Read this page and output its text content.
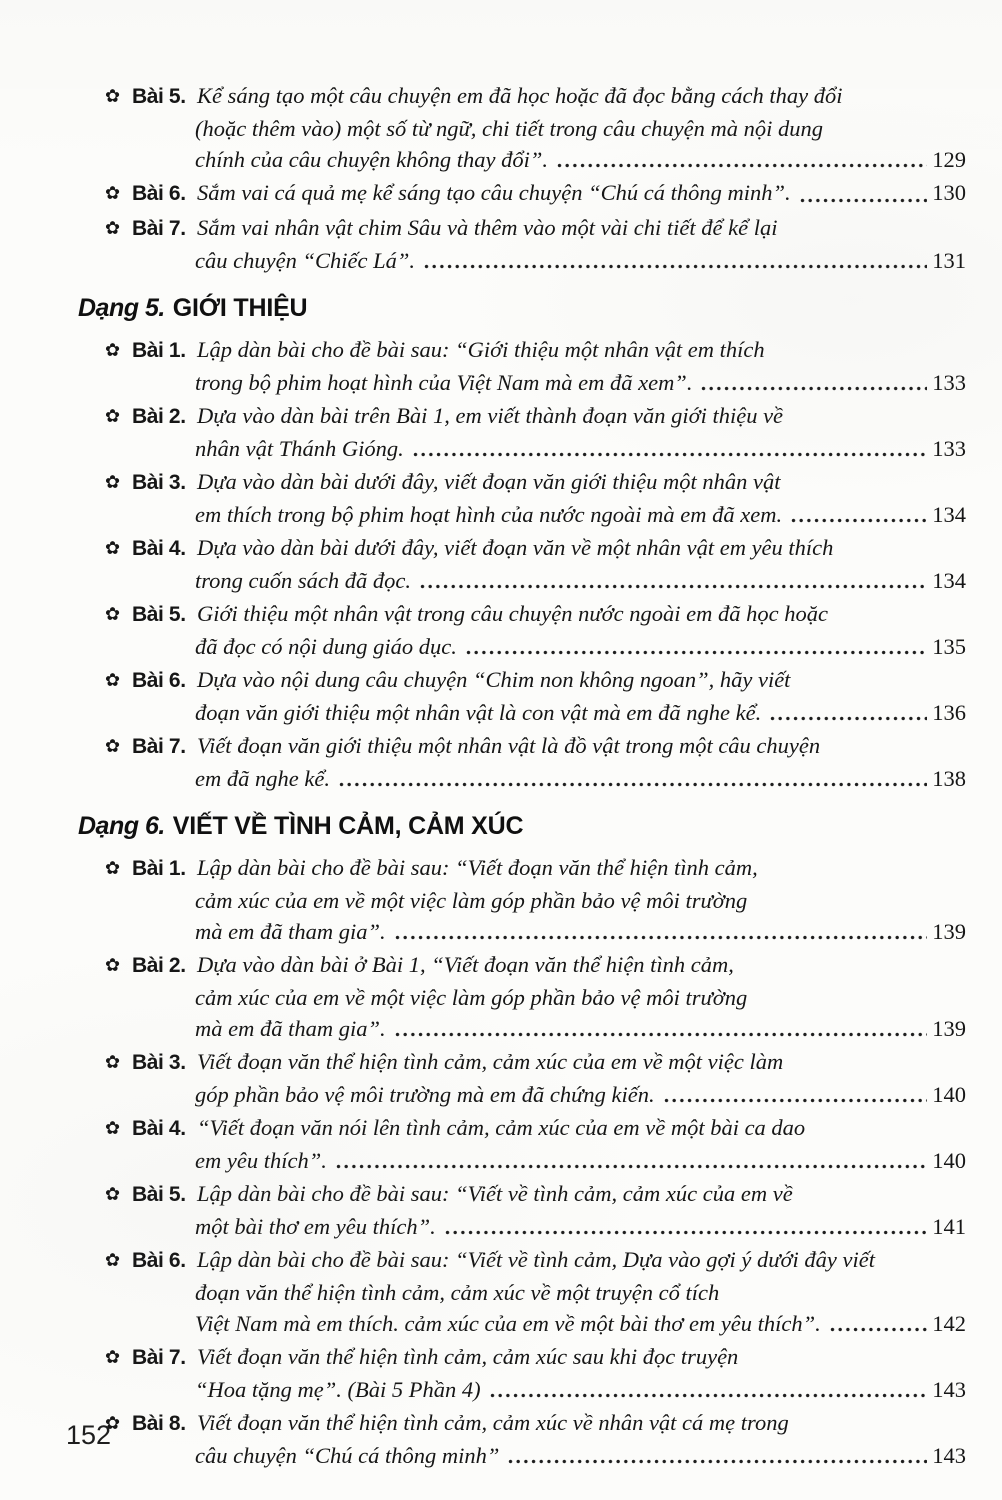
✿ Bài 5. Kể sáng tạo một câu chuyện em đã học hoặc đã đọc bằng cách thay đổi
(hoặc thêm vào) một số từ ngữ, chi tiết trong câu chuyện mà nội dung
chính của câu chuyện không thay đổi”.	129
✿ Bài 6. Sắm vai cá quả mẹ kể sáng tạo câu chuyện “Chú cá thông minh”.	130
✿ Bài 7. Sắm vai nhân vật chim Sâu và thêm vào một vài chi tiết để kể lại
câu chuyện “Chiếc Lá”.	131
Dạng 5. GIỚI THIỆU
✿ Bài 1. Lập dàn bài cho đề bài sau: “Giới thiệu một nhân vật em thích
trong bộ phim hoạt hình của Việt Nam mà em đã xem”.	133
✿ Bài 2. Dựa vào dàn bài trên Bài 1, em viết thành đoạn văn giới thiệu về
nhân vật Thánh Gióng.	133
✿ Bài 3. Dựa vào dàn bài dưới đây, viết đoạn văn giới thiệu một nhân vật
em thích trong bộ phim hoạt hình của nước ngoài mà em đã xem.	134
✿ Bài 4. Dựa vào dàn bài dưới đây, viết đoạn văn về một nhân vật em yêu thích
trong cuốn sách đã đọc.	134
✿ Bài 5. Giới thiệu một nhân vật trong câu chuyện nước ngoài em đã học hoặc
đã đọc có nội dung giáo dục.	135
✿ Bài 6. Dựa vào nội dung câu chuyện “Chim non không ngoan”, hãy viết
đoạn văn giới thiệu một nhân vật là con vật mà em đã nghe kể.	136
✿ Bài 7. Viết đoạn văn giới thiệu một nhân vật là đồ vật trong một câu chuyện
em đã nghe kể.	138
Dạng 6. VIẾT VỀ TÌNH CẢM, CẢM XÚC
✿ Bài 1. Lập dàn bài cho đề bài sau: “Viết đoạn văn thể hiện tình cảm,
cảm xúc của em về một việc làm góp phần bảo vệ môi trường
mà em đã tham gia”.	139
✿ Bài 2. Dựa vào dàn bài ở Bài 1, “Viết đoạn văn thể hiện tình cảm,
cảm xúc của em về một việc làm góp phần bảo vệ môi trường
mà em đã tham gia”.	139
✿ Bài 3. Viết đoạn văn thể hiện tình cảm, cảm xúc của em về một việc làm
góp phần bảo vệ môi trường mà em đã chứng kiến.	140
✿ Bài 4. “Viết đoạn văn nói lên tình cảm, cảm xúc của em về một bài ca dao
em yêu thích”.	140
✿ Bài 5. Lập dàn bài cho đề bài sau: “Viết về tình cảm, cảm xúc của em về
một bài thơ em yêu thích”.	141
✿ Bài 6. Lập dàn bài cho đề bài sau: “Viết về tình cảm, Dựa vào gợi ý dưới đây viết
đoạn văn thể hiện tình cảm, cảm xúc về một truyện cổ tích
Việt Nam mà em thích. cảm xúc của em về một bài thơ em yêu thích”.	142
✿ Bài 7. Viết đoạn văn thể hiện tình cảm, cảm xúc sau khi đọc truyện
“Hoa tặng mẹ”. (Bài 5 Phần 4)	143
✿ Bài 8. Viết đoạn văn thể hiện tình cảm, cảm xúc về nhân vật cá mẹ trong
câu chuyện “Chú cá thông minh”	143
152
